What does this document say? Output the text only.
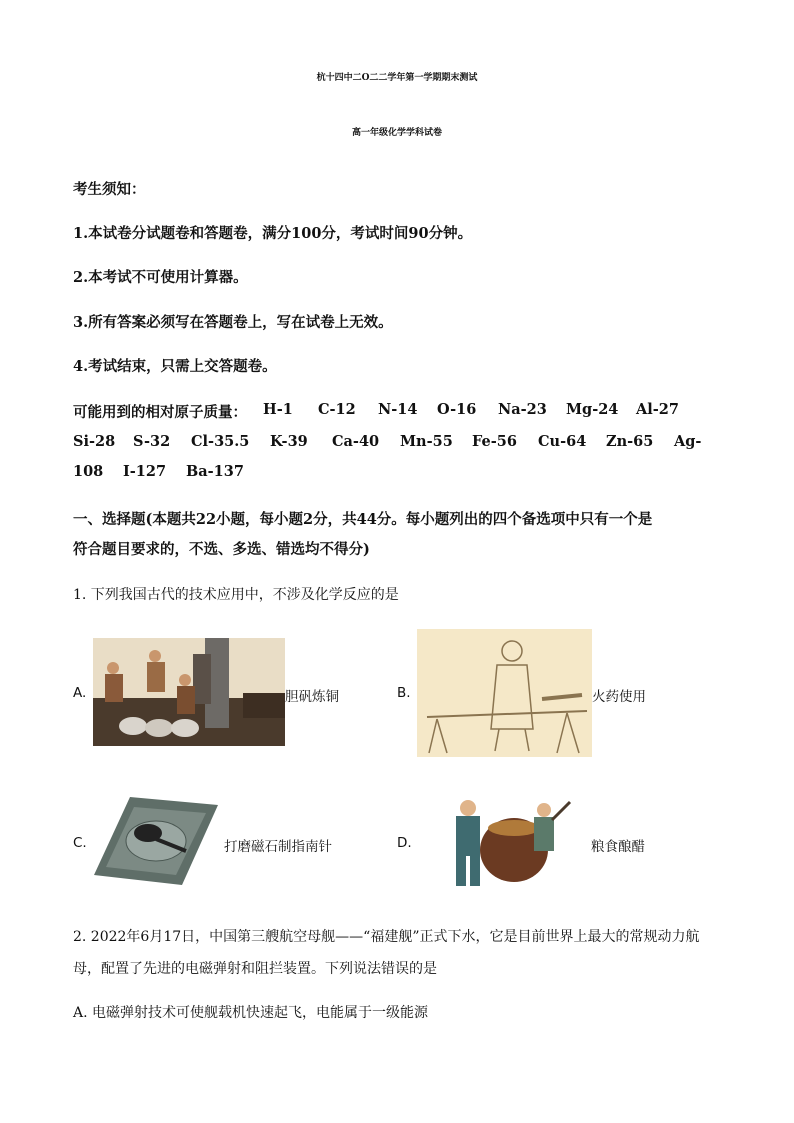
杭十四中二O二二学年第一学期期末测试
高一年级化学学科试卷
考生须知：
1.本试卷分试题卷和答题卷，满分100分，考试时间90分钟。
2.本考试不可使用计算器。
3.所有答案必须写在答题卷上，写在试卷上无效。
4.考试结束，只需上交答题卷。
可能用到的相对原子质量： H-1 C-12 N-14 O-16 Na-23 Mg-24 Al-27
Si-28 S-32 Cl-35.5 K-39 Ca-40 Mn-55 Fe-56 Cu-64 Zn-65 Ag-
108 I-127 Ba-137
一、选择题(本题共22小题，每小题2分，共44分。每小题列出的四个备选项中只有一个是
符合题目要求的，不选、多选、错选均不得分)
1. 下列我国古代的技术应用中，不涉及化学反应的是
A.	胆矾炼铜	B.	火药使用
C.	打磨磁石制指南针	D.	粮食酿醋
2. 2022年6月17日，中国第三艘航空母舰——“福建舰”正式下水，它是目前世界上最大的常规动力航
母，配置了先进的电磁弹射和阻拦装置。下列说法错误的是
A. 电磁弹射技术可使舰载机快速起飞，电能属于一级能源
